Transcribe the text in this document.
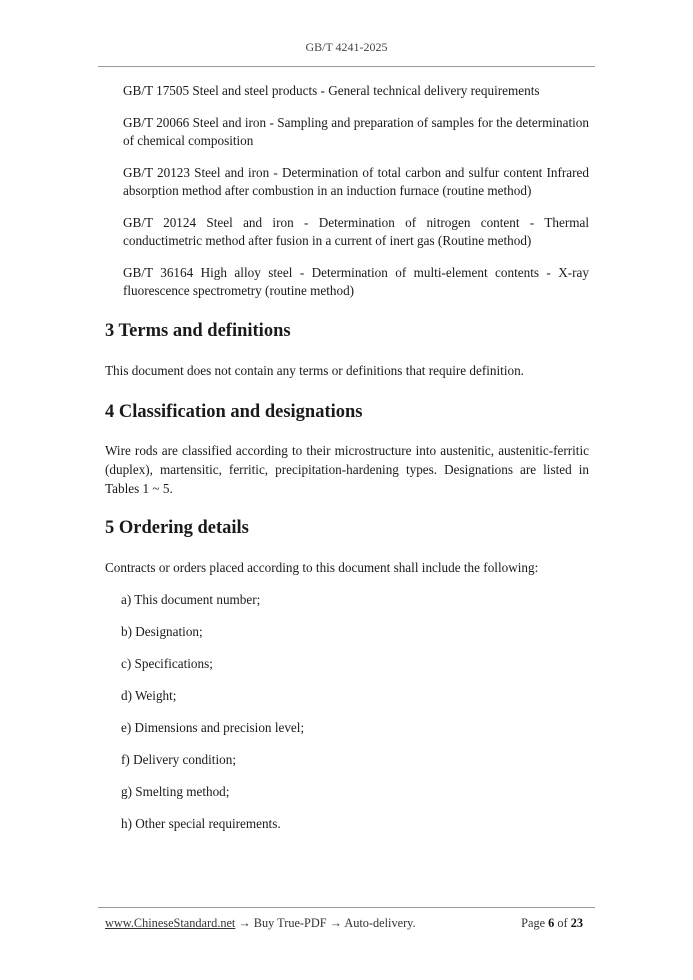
GB/T 4241-2025

GB/T 17505 Steel and steel products - General technical delivery requirements

GB/T 20066 Steel and iron - Sampling and preparation of samples for the determination of chemical composition

GB/T 20123 Steel and iron - Determination of total carbon and sulfur content Infrared absorption method after combustion in an induction furnace (routine method)

GB/T 20124 Steel and iron - Determination of nitrogen content - Thermal conductimetric method after fusion in a current of inert gas (Routine method)

GB/T 36164 High alloy steel - Determination of multi-element contents - X-ray fluorescence spectrometry (routine method)

3 Terms and definitions

This document does not contain any terms or definitions that require definition.

4 Classification and designations

Wire rods are classified according to their microstructure into austenitic, austenitic-ferritic (duplex), martensitic, ferritic, precipitation-hardening types. Designations are listed in Tables 1 ~ 5.

5 Ordering details

Contracts or orders placed according to this document shall include the following:

a) This document number;
b) Designation;
c) Specifications;
d) Weight;
e) Dimensions and precision level;
f) Delivery condition;
g) Smelting method;
h) Other special requirements.
www.ChineseStandard.net → Buy True-PDF → Auto-delivery.	Page 6 of 23
